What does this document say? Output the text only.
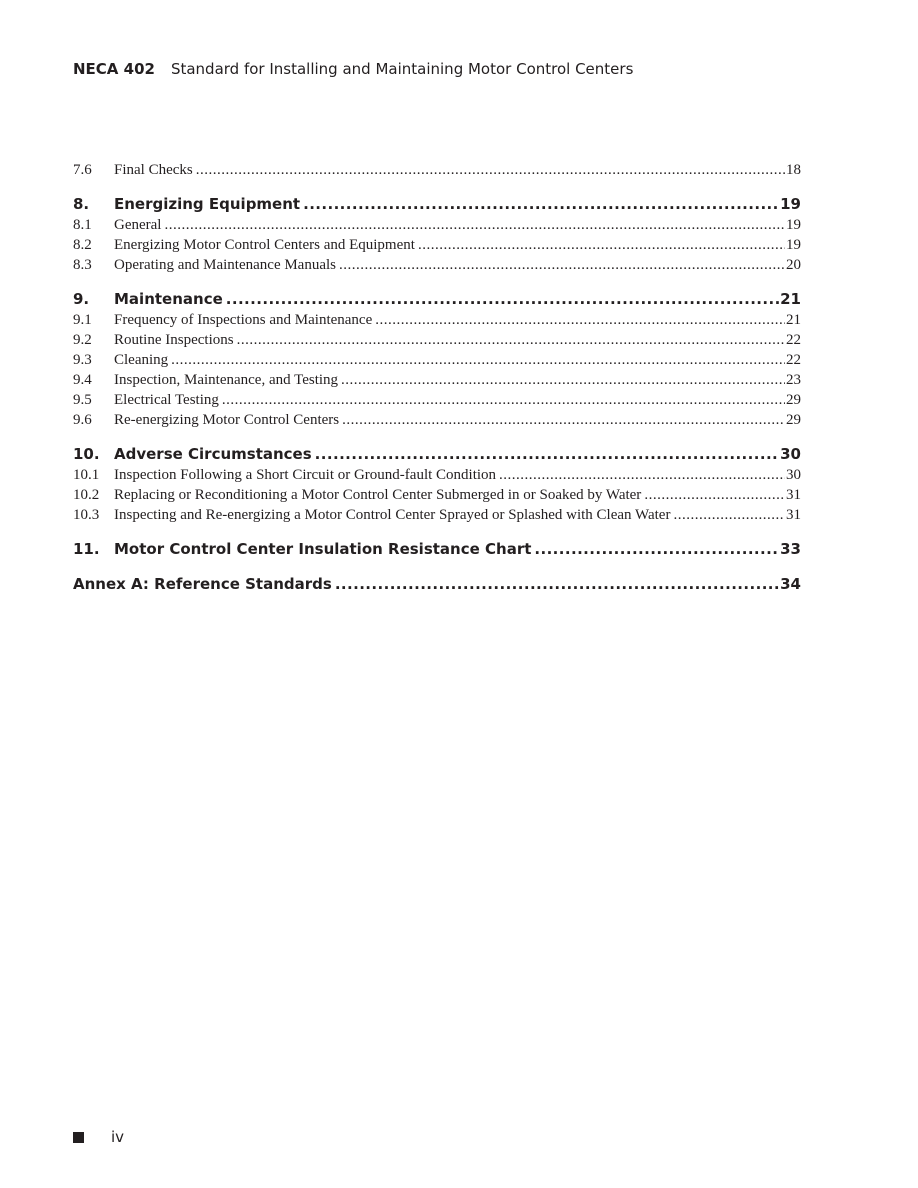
NECA 402 Standard for Installing and Maintaining Motor Control Centers
7.6	Final Checks .....	18
8.	Energizing Equipment .....	19
8.1	General .....	19
8.2	Energizing Motor Control Centers and Equipment .....	19
8.3	Operating and Maintenance Manuals .....	20
9.	Maintenance .....	21
9.1	Frequency of Inspections and Maintenance .....	21
9.2	Routine Inspections .....	22
9.3	Cleaning .....	22
9.4	Inspection, Maintenance, and Testing .....	23
9.5	Electrical Testing .....	29
9.6	Re-energizing Motor Control Centers .....	29
10. Adverse Circumstances .....	30
10.1 Inspection Following a Short Circuit or Ground-fault Condition .....	30
10.2 Replacing or Reconditioning a Motor Control Center Submerged in or Soaked by Water .....	31
10.3 Inspecting and Re-energizing a Motor Control Center Sprayed or Splashed with Clean Water .....	31
11. Motor Control Center Insulation Resistance Chart .....	33
Annex A: Reference Standards .....	34
iv
